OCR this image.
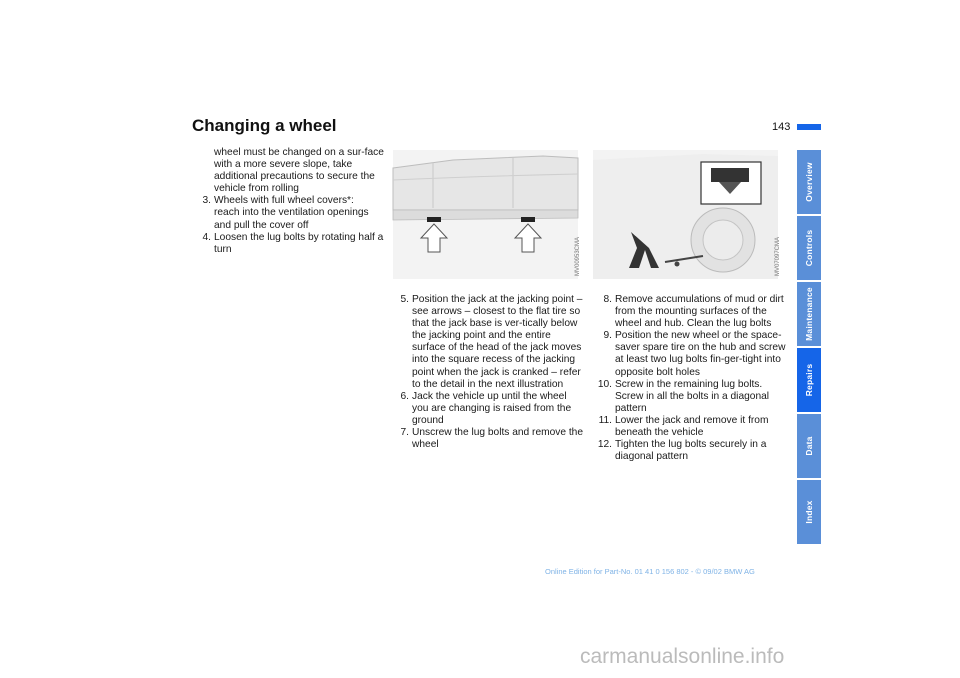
Changing a wheel	143
wheel must be changed on a sur-face with a more severe slope, take additional precautions to secure the vehicle from rolling
3. Wheels with full wheel covers*:
reach into the ventilation openings and pull the cover off
4. Loosen the lug bolts by rotating half a turn	MV00953CMA	MV07097CMA
5. Position the jack at the jacking point – see arrows – closest to the flat tire so that the jack base is ver-tically below the jacking point and the entire surface of the head of the jack moves into the square recess of the jacking point when the jack is cranked – refer to the detail in the next illustration
6. Jack the vehicle up until the wheel you are changing is raised from the ground
7. Unscrew the lug bolts and remove the wheel
8. Remove accumulations of mud or dirt from the mounting surfaces of the wheel and hub. Clean the lug bolts
9. Position the new wheel or the space-saver spare tire on the hub and screw at least two lug bolts fin-ger-tight into opposite bolt holes
10. Screw in the remaining lug bolts. Screw in all the bolts in a diagonal pattern
11. Lower the jack and remove it from beneath the vehicle
12. Tighten the lug bolts securely in a diagonal pattern
Overview
Controls
Maintenance
Repairs
Data
Index
Online Edition for Part-No. 01 41 0 156 802 - © 09/02 BMW AG
carmanualsonline.info
